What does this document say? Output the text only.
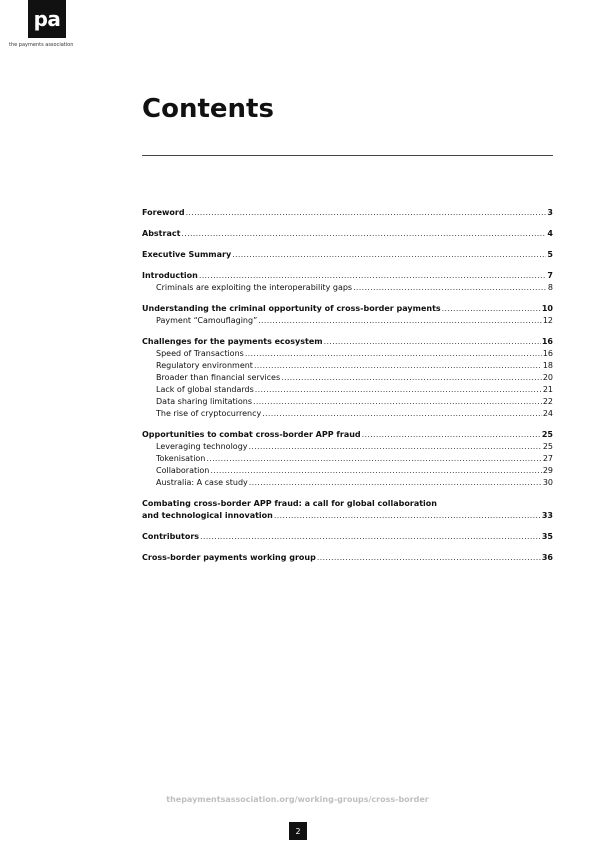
pa
the payments association
Contents
Foreword .....	3
Abstract .....	4
Executive Summary .....	5
Introduction .....	7
Criminals are exploiting the interoperability gaps .....	8
Understanding the criminal opportunity of cross-border payments .....	10
Payment “Camouflaging” .....	12
Challenges for the payments ecosystem .....	16
Speed of Transactions .....	16
Regulatory environment .....	18
Broader than financial services .....	20
Lack of global standards .....	21
Data sharing limitations .....	22
The rise of cryptocurrency .....	24
Opportunities to combat cross-border APP fraud .....	25
Leveraging technology .....	25
Tokenisation .....	27
Collaboration .....	29
Australia: A case study .....	30
Combating cross-border APP fraud: a call for global collaboration
and technological innovation .....	33
Contributors .....	35
Cross-border payments working group .....	36
thepaymentsassociation.org/working-groups/cross-border
2
